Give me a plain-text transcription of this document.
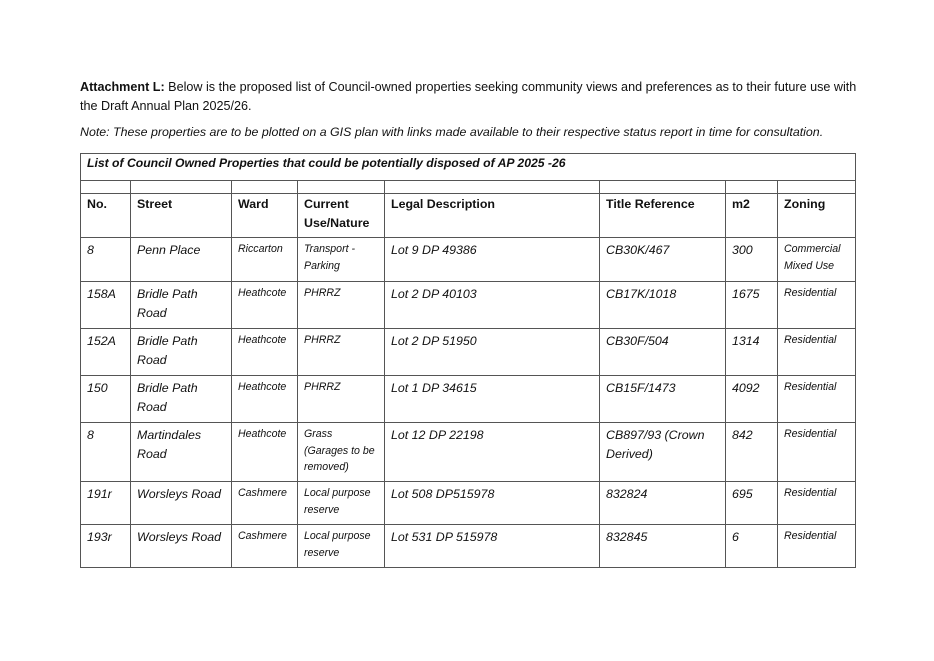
Attachment L: Below is the proposed list of Council-owned properties seeking community views and preferences as to their future use with the Draft Annual Plan 2025/26.

Note: These properties are to be plotted on a GIS plan with links made available to their respective status report in time for consultation.

List of Council Owned Properties that could be potentially disposed of AP 2025 -26							

No.	Street	Ward	Current Use/Nature	Legal Description	Title Reference	m2	Zoning
8	Penn Place	Riccarton	Transport - Parking	Lot 9 DP 49386	CB30K/467	300	Commercial Mixed Use
158A	Bridle Path Road	Heathcote	PHRRZ	Lot 2 DP 40103	CB17K/1018	1675	Residential
152A	Bridle Path Road	Heathcote	PHRRZ	Lot 2 DP 51950	CB30F/504	1314	Residential
150	Bridle Path Road	Heathcote	PHRRZ	Lot 1 DP 34615	CB15F/1473	4092	Residential
8	Martindales Road	Heathcote	Grass (Garages to be removed)	Lot 12 DP 22198	CB897/93 (Crown Derived)	842	Residential
191r	Worsleys Road	Cashmere	Local purpose reserve	Lot 508 DP515978	832824	695	Residential
193r	Worsleys Road	Cashmere	Local purpose reserve	Lot 531 DP 515978	832845	6	Residential
